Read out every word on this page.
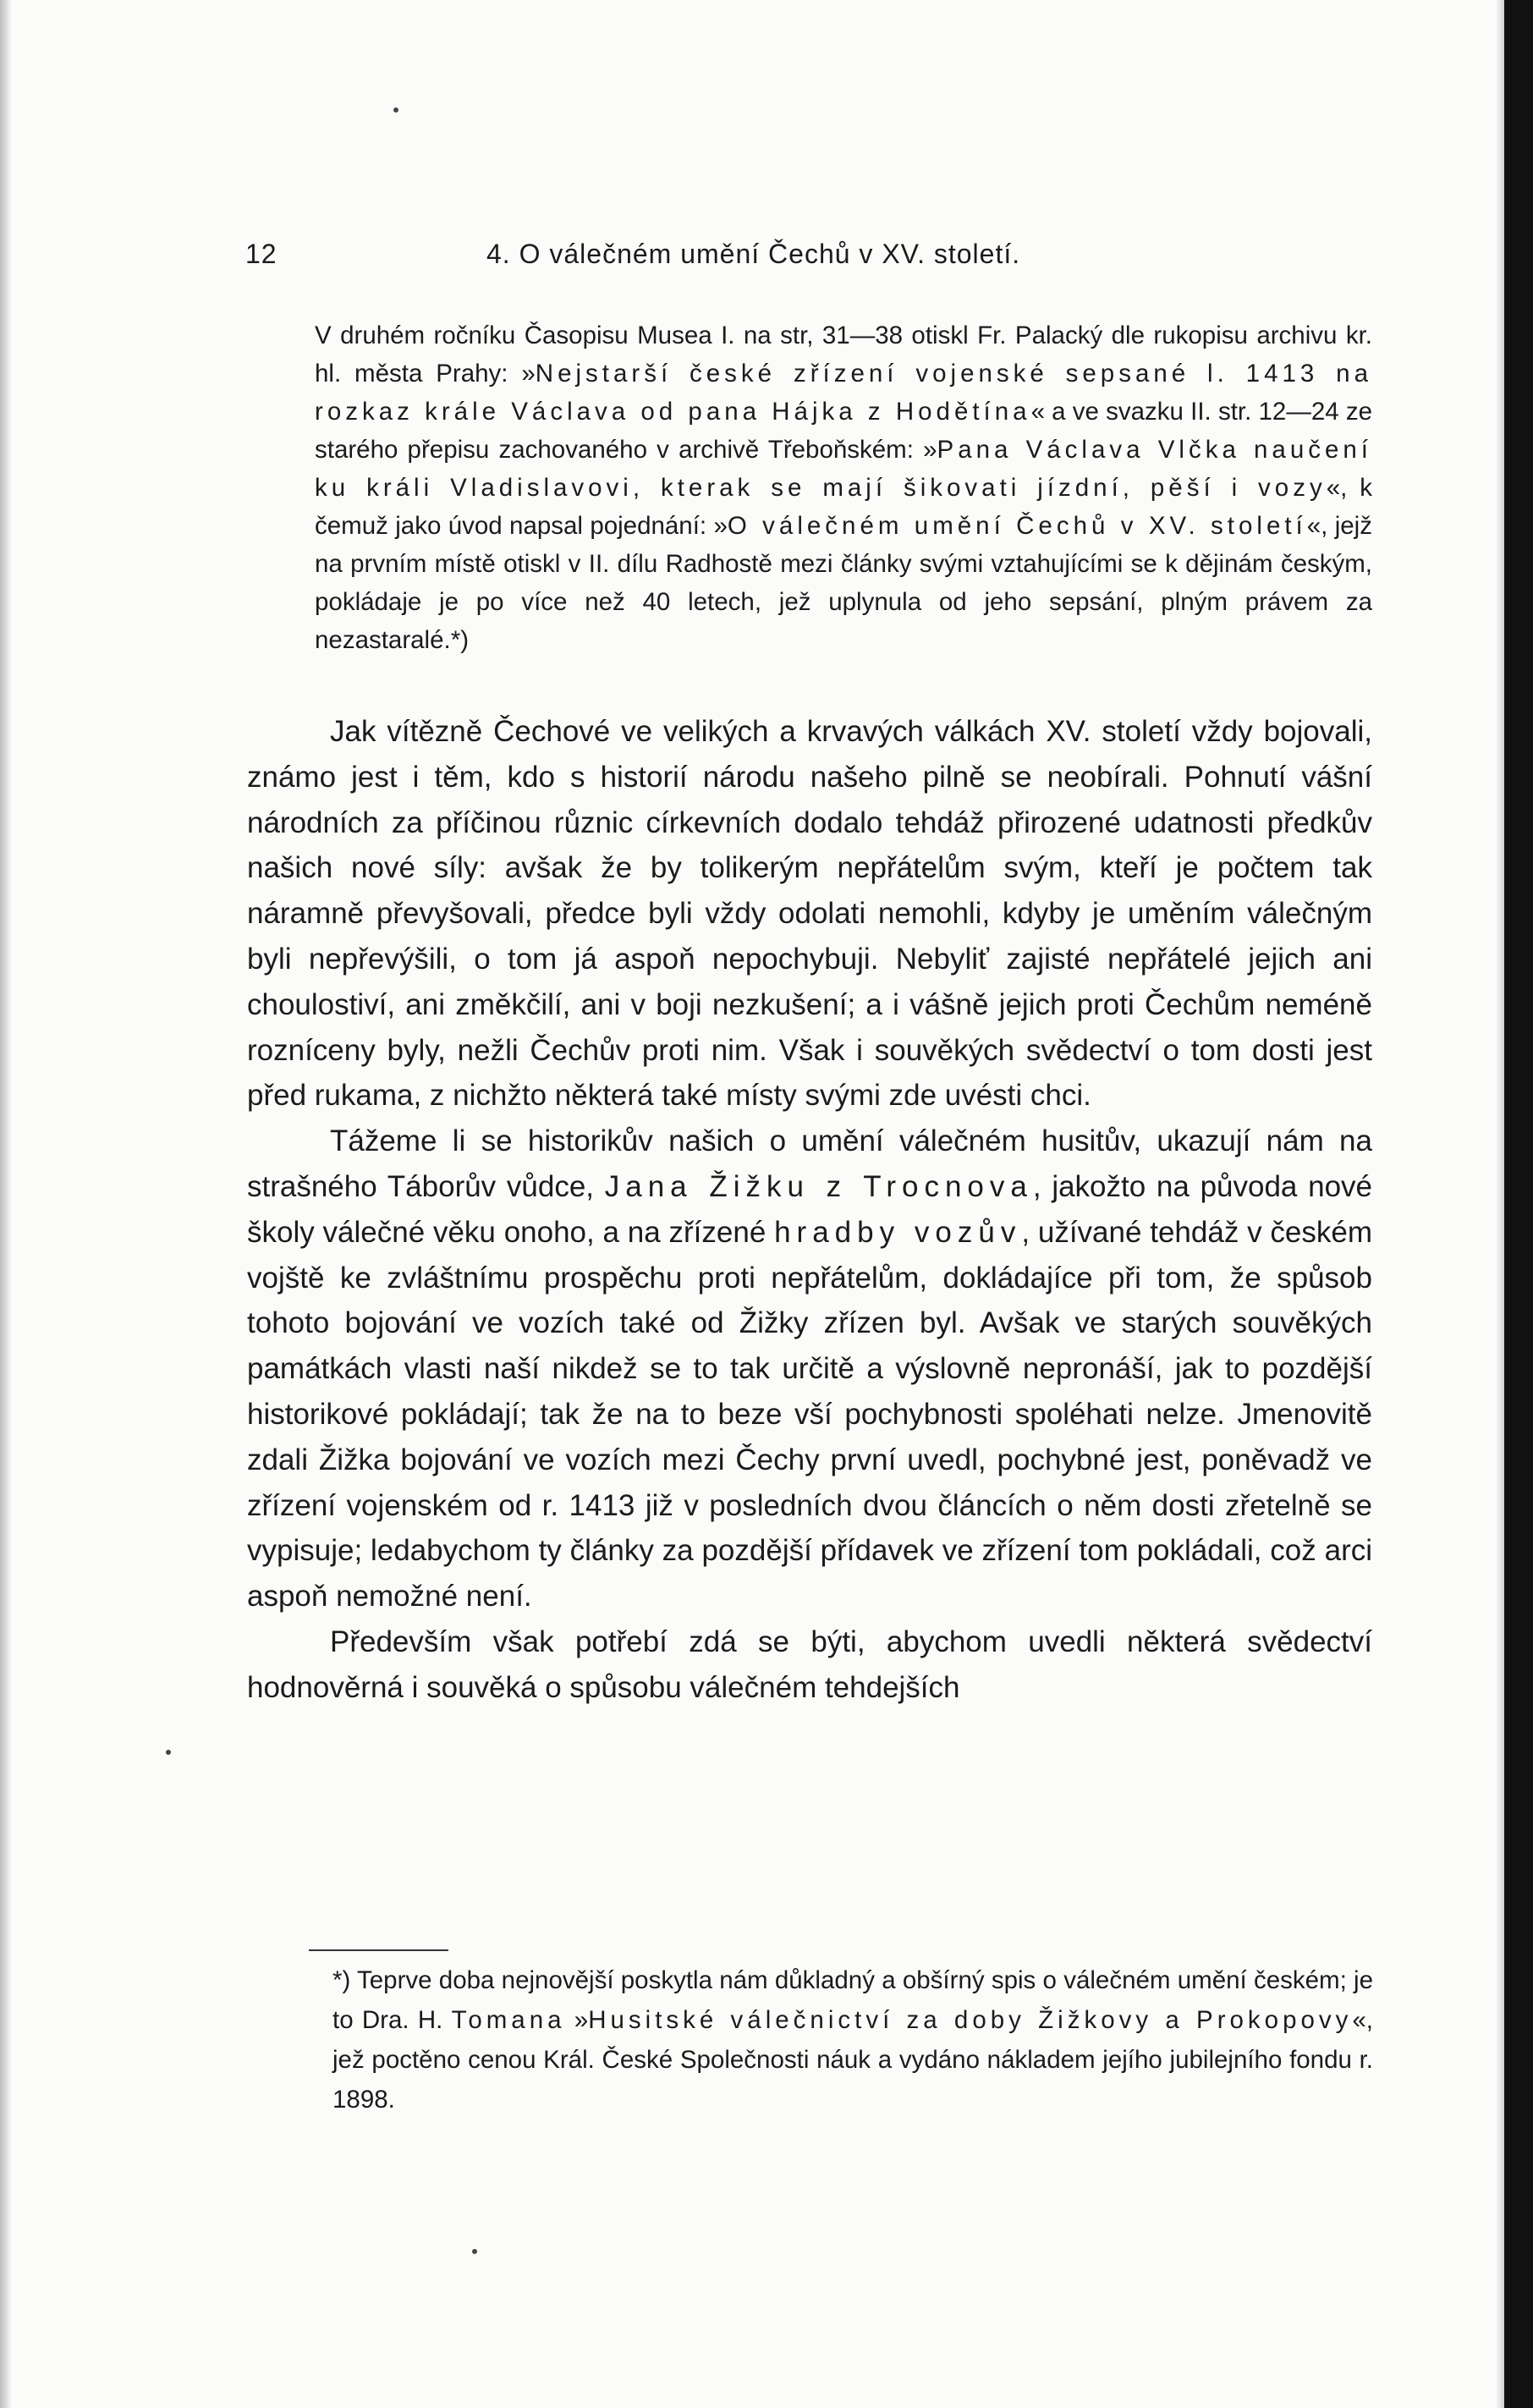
12	4. O válečném umění Čechů v XV. století.
V druhém ročníku Časopisu Musea I. na str, 31—38 otiskl Fr. Palacký dle rukopisu archivu kr. hl. města Prahy: »Nejstarší české zřízení vojenské sepsané l. 1413 na rozkaz krále Václava od pana Hájka z Hodětína« a ve svazku II. str. 12—24 ze starého přepisu zachovaného v archivě Třeboňském: »Pana Václava Vlčka naučení ku králi Vladislavovi, kterak se mají šikovati jízdní, pěší i vozy«, k čemuž jako úvod napsal pojednání: »O válečném umění Čechů v XV. století«, jejž na prvním místě otiskl v II. dílu Radhostě mezi články svými vztahujícími se k dějinám českým, pokládaje je po více než 40 letech, jež uplynula od jeho sepsání, plným právem za nezastaralé.*)

Jak vítězně Čechové ve velikých a krvavých válkách XV. století vždy bojovali, známo jest i těm, kdo s historií národu našeho pilně se neobírali. Pohnutí vášní národních za příčinou různic církevních dodalo tehdáž přirozené udatnosti předkův našich nové síly: avšak že by tolikerým nepřátelům svým, kteří je počtem tak náramně převyšovali, předce byli vždy odolati nemohli, kdyby je uměním válečným byli nepřevýšili, o tom já aspoň nepochybuji. Nebyliť zajisté nepřátelé jejich ani choulostiví, ani změkčilí, ani v boji nezkušení; a i vášně jejich proti Čechům neméně rozníceny byly, nežli Čechův proti nim. Však i souvěkých svědectví o tom dosti jest před rukama, z nichžto některá také místy svými zde uvésti chci.

Tážeme li se historikův našich o umění válečném husitův, ukazují nám na strašného Táborův vůdce, Jana Žižku z Trocnova, jakožto na původa nové školy válečné věku onoho, a na zřízené hradby vozův, užívané tehdáž v českém vojště ke zvláštnímu prospěchu proti nepřátelům, dokládajíce při tom, že spůsob tohoto bojování ve vozích také od Žižky zřízen byl. Avšak ve starých souvěkých památkách vlasti naší nikdež se to tak určitě a výslovně nepronáší, jak to pozdější historikové pokládají; tak že na to beze vší pochybnosti spoléhati nelze. Jmenovitě zdali Žižka bojování ve vozích mezi Čechy první uvedl, pochybné jest, poněvadž ve zřízení vojenském od r. 1413 již v posledních dvou článcích o něm dosti zřetelně se vypisuje; ledabychom ty články za pozdější přídavek ve zřízení tom pokládali, což arci aspoň nemožné není.

Především však potřebí zdá se býti, abychom uvedli některá svědectví hodnověrná i souvěká o spůsobu válečném tehdejších

*) Teprve doba nejnovější poskytla nám důkladný a obšírný spis o válečném umění českém; je to Dra. H. Tomana »Husitské válečnictví za doby Žižkovy a Prokopovy«, jež poctěno cenou Král. České Společnosti náuk a vydáno nákladem jejího jubilejního fondu r. 1898.
